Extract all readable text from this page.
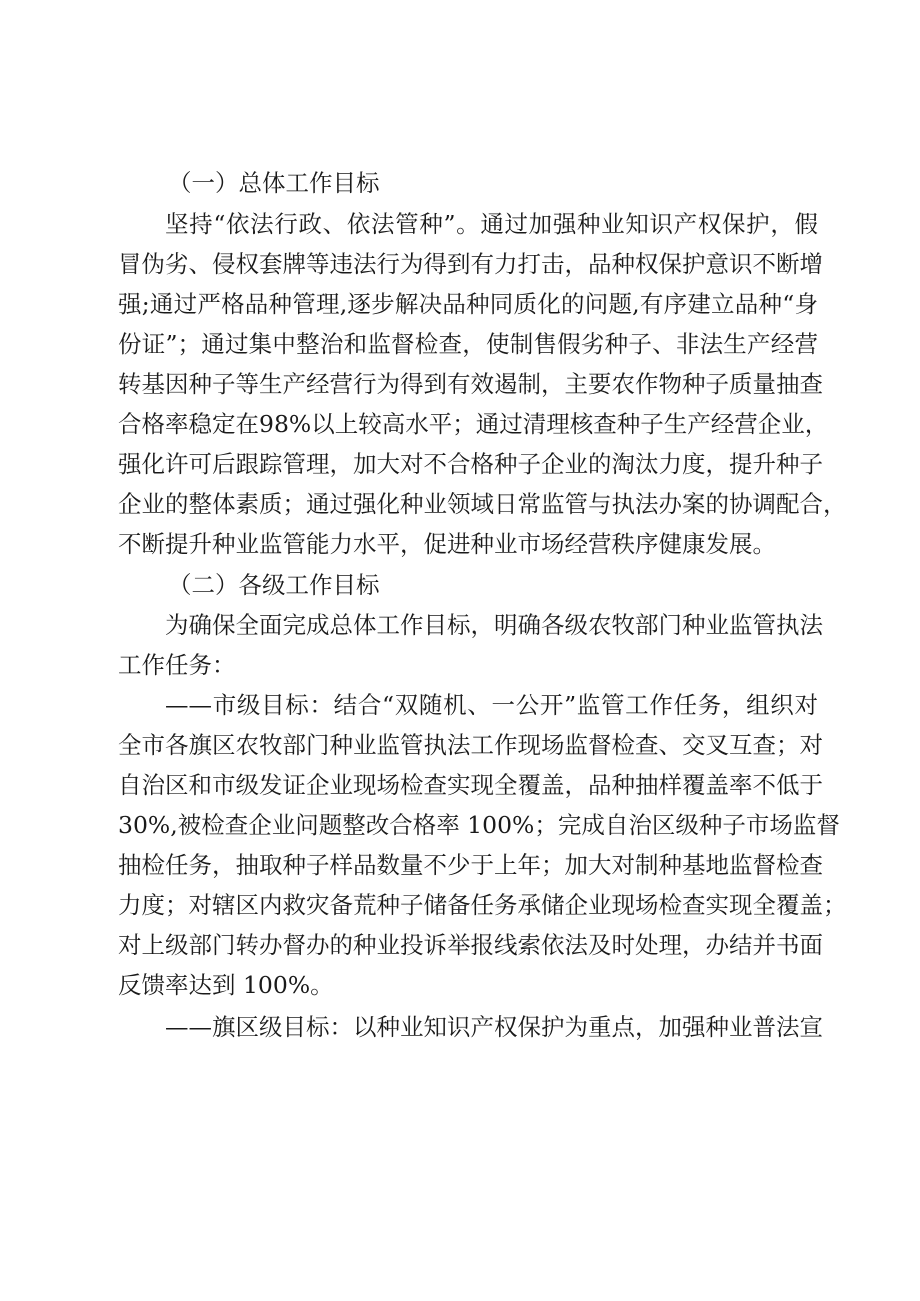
（一）总体工作目标
坚持“依法行政、依法管种”。通过加强种业知识产权保护，假
冒伪劣、侵权套牌等违法行为得到有力打击，品种权保护意识不断增
强;通过严格品种管理,逐步解决品种同质化的问题,有序建立品种“身
份证”；通过集中整治和监督检查，使制售假劣种子、非法生产经营
转基因种子等生产经营行为得到有效遏制，主要农作物种子质量抽查
合格率稳定在98%以上较高水平；通过清理核查种子生产经营企业，
强化许可后跟踪管理，加大对不合格种子企业的淘汰力度，提升种子
企业的整体素质；通过强化种业领域日常监管与执法办案的协调配合，
不断提升种业监管能力水平，促进种业市场经营秩序健康发展。
（二）各级工作目标
为确保全面完成总体工作目标，明确各级农牧部门种业监管执法
工作任务：
——市级目标：结合“双随机、一公开”监管工作任务，组织对
全市各旗区农牧部门种业监管执法工作现场监督检查、交叉互查；对
自治区和市级发证企业现场检查实现全覆盖，品种抽样覆盖率不低于
30%,被检查企业问题整改合格率 100%；完成自治区级种子市场监督
抽检任务，抽取种子样品数量不少于上年；加大对制种基地监督检查
力度；对辖区内救灾备荒种子储备任务承储企业现场检查实现全覆盖；
对上级部门转办督办的种业投诉举报线索依法及时处理，办结并书面
反馈率达到 100%。
——旗区级目标：以种业知识产权保护为重点，加强种业普法宣
